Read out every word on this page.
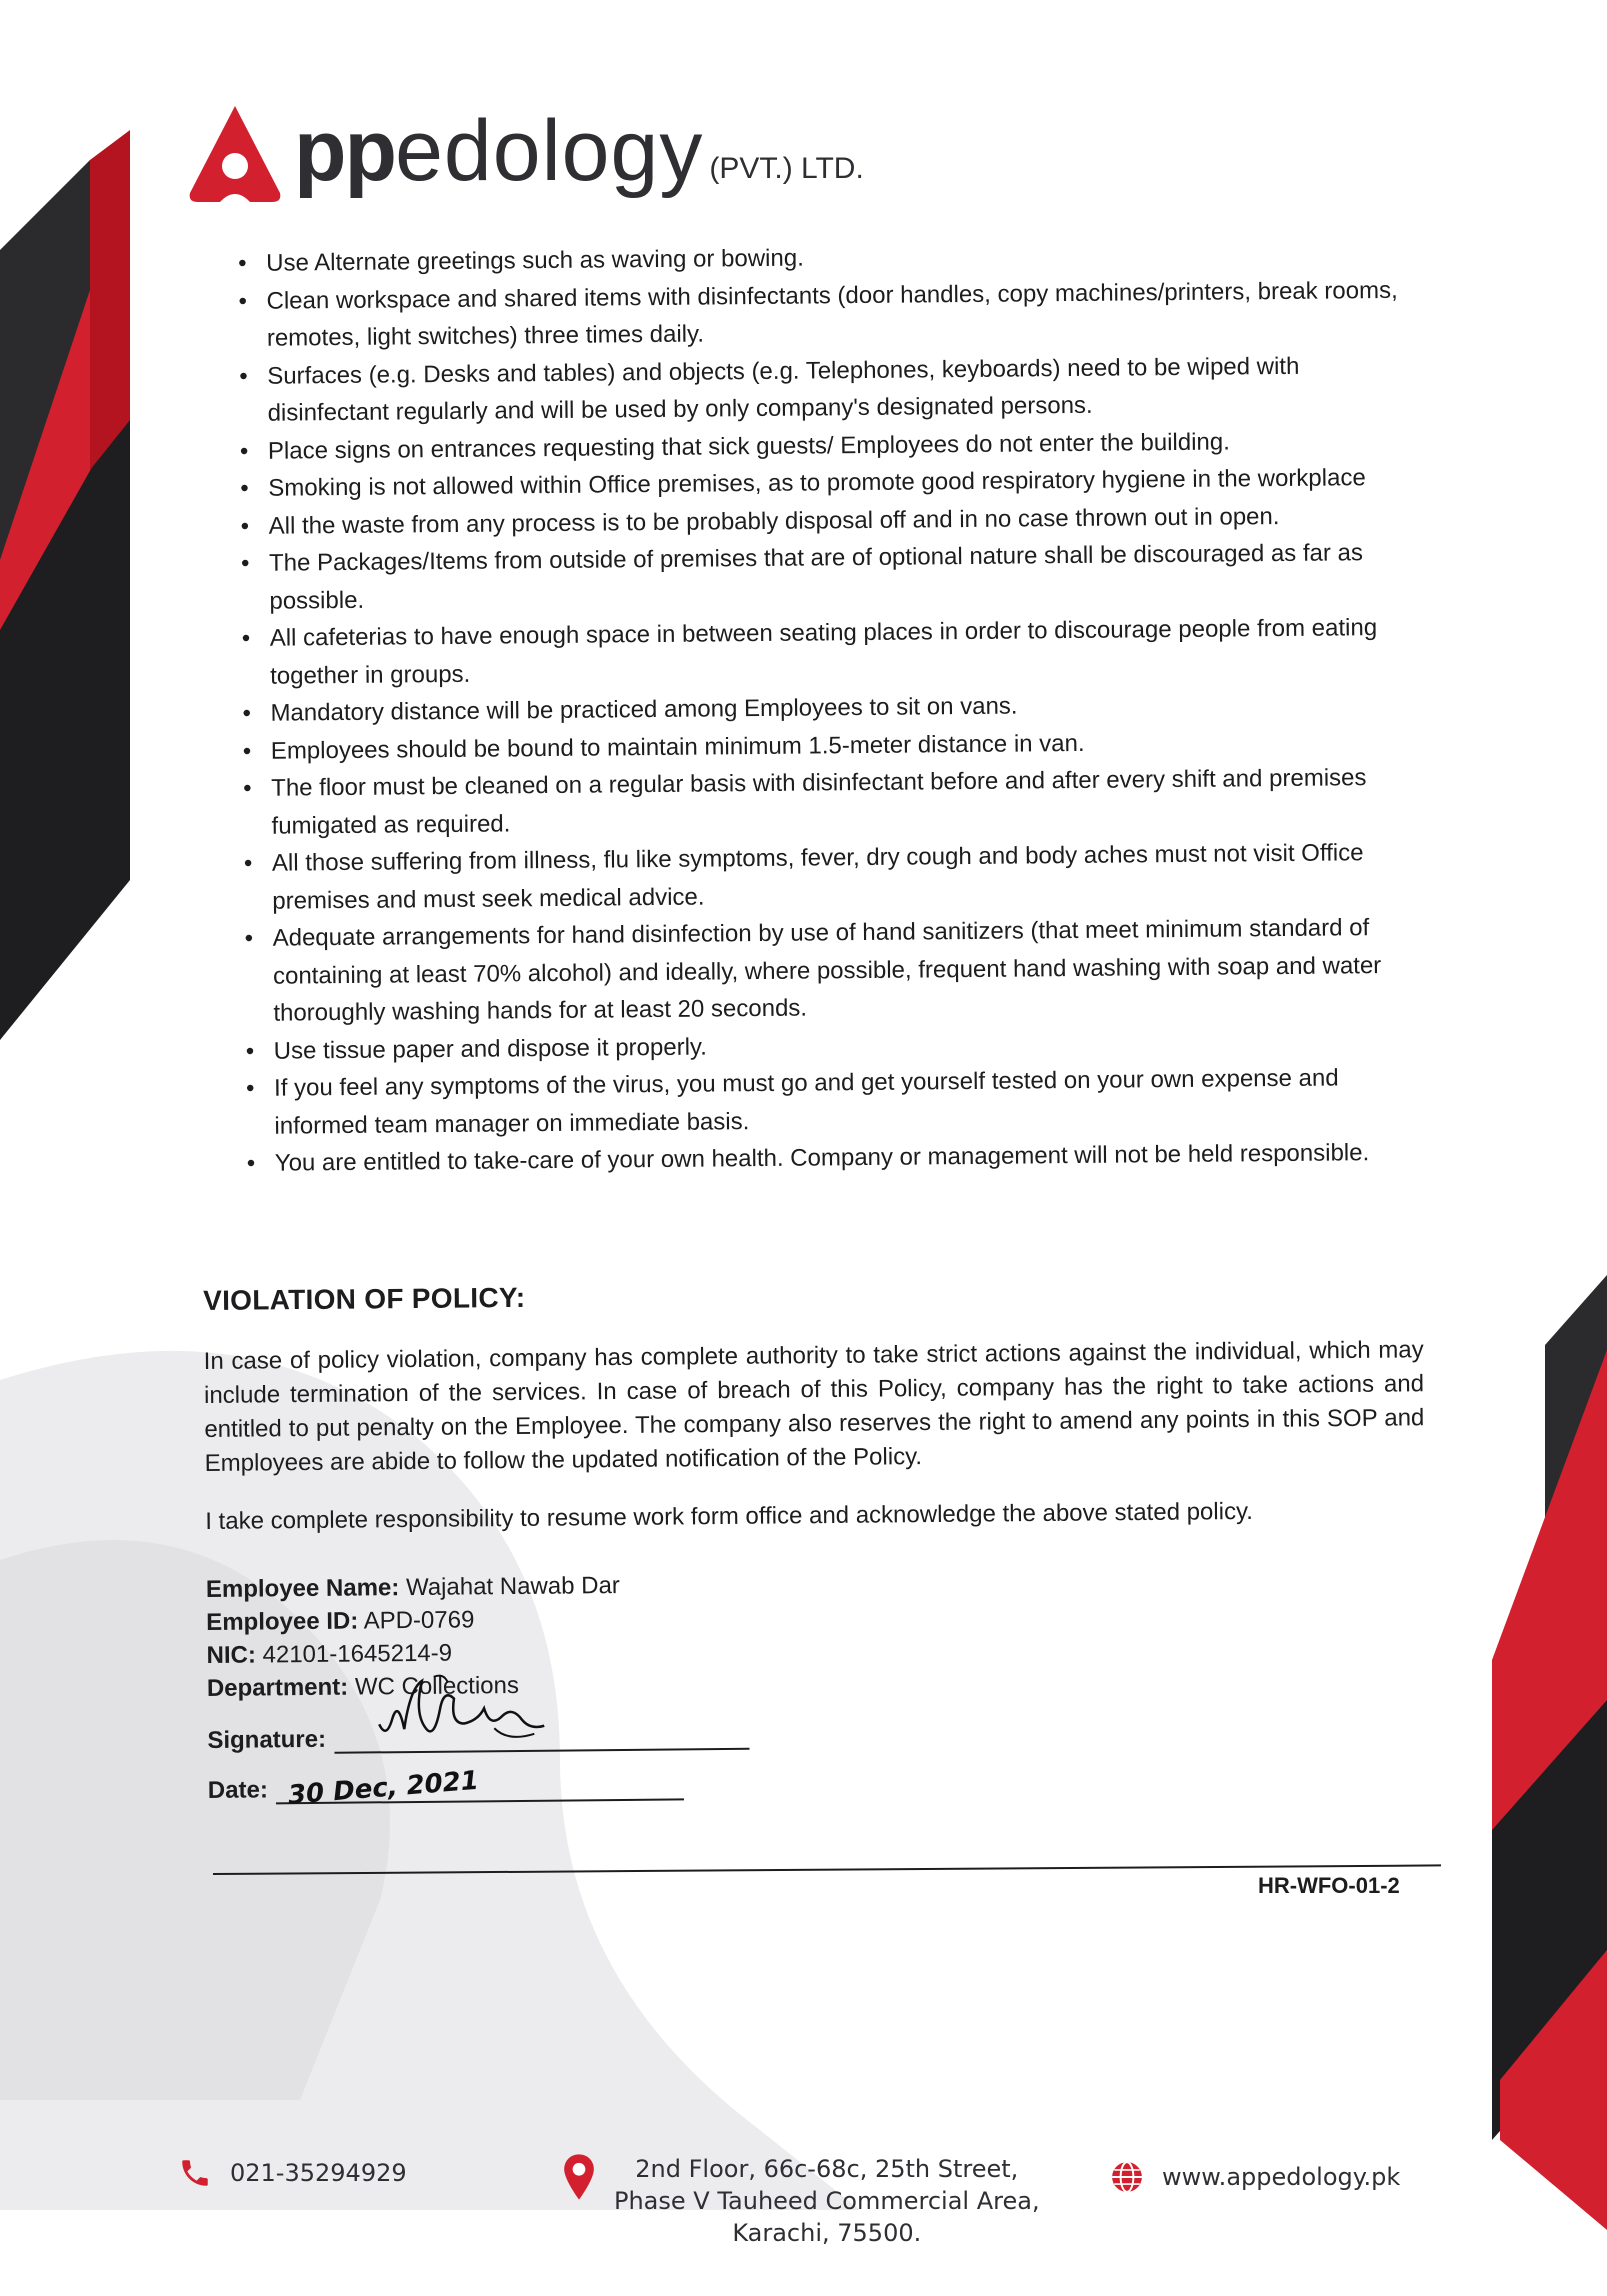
pp edology (PVT.) LTD.
• Use Alternate greetings such as waving or bowing.
• Clean workspace and shared items with disinfectants (door handles, copy machines/printers, break rooms, remotes, light switches) three times daily.
• Surfaces (e.g. Desks and tables) and objects (e.g. Telephones, keyboards) need to be wiped with disinfectant regularly and will be used by only company's designated persons.
• Place signs on entrances requesting that sick guests/ Employees do not enter the building.
• Smoking is not allowed within Office premises, as to promote good respiratory hygiene in the workplace
• All the waste from any process is to be probably disposal off and in no case thrown out in open.
• The Packages/Items from outside of premises that are of optional nature shall be discouraged as far as possible.
• All cafeterias to have enough space in between seating places in order to discourage people from eating together in groups.
• Mandatory distance will be practiced among Employees to sit on vans.
• Employees should be bound to maintain minimum 1.5-meter distance in van.
• The floor must be cleaned on a regular basis with disinfectant before and after every shift and premises fumigated as required.
• All those suffering from illness, flu like symptoms, fever, dry cough and body aches must not visit Office premises and must seek medical advice.
• Adequate arrangements for hand disinfection by use of hand sanitizers (that meet minimum standard of containing at least 70% alcohol) and ideally, where possible, frequent hand washing with soap and water thoroughly washing hands for at least 20 seconds.
• Use tissue paper and dispose it properly.
• If you feel any symptoms of the virus, you must go and get yourself tested on your own expense and informed team manager on immediate basis.
• You are entitled to take-care of your own health. Company or management will not be held responsible.
VIOLATION OF POLICY:

In case of policy violation, company has complete authority to take strict actions against the individual, which may include termination of the services. In case of breach of this Policy, company has the right to take actions and entitled to put penalty on the Employee. The company also reserves the right to amend any points in this SOP and Employees are abide to follow the updated notification of the Policy.

I take complete responsibility to resume work form office and acknowledge the above stated policy.

Employee Name: Wajahat Nawab Dar
Employee ID: APD-0769
NIC: 42101-1645214-9
Department: WC Collections
Signature:
Date: 30 Dec, 2021
HR-WFO-01-2
021-35294929	2nd Floor, 66c-68c, 25th Street,
Phase V Tauheed Commercial Area,
Karachi, 75500.
www.appedology.pk
